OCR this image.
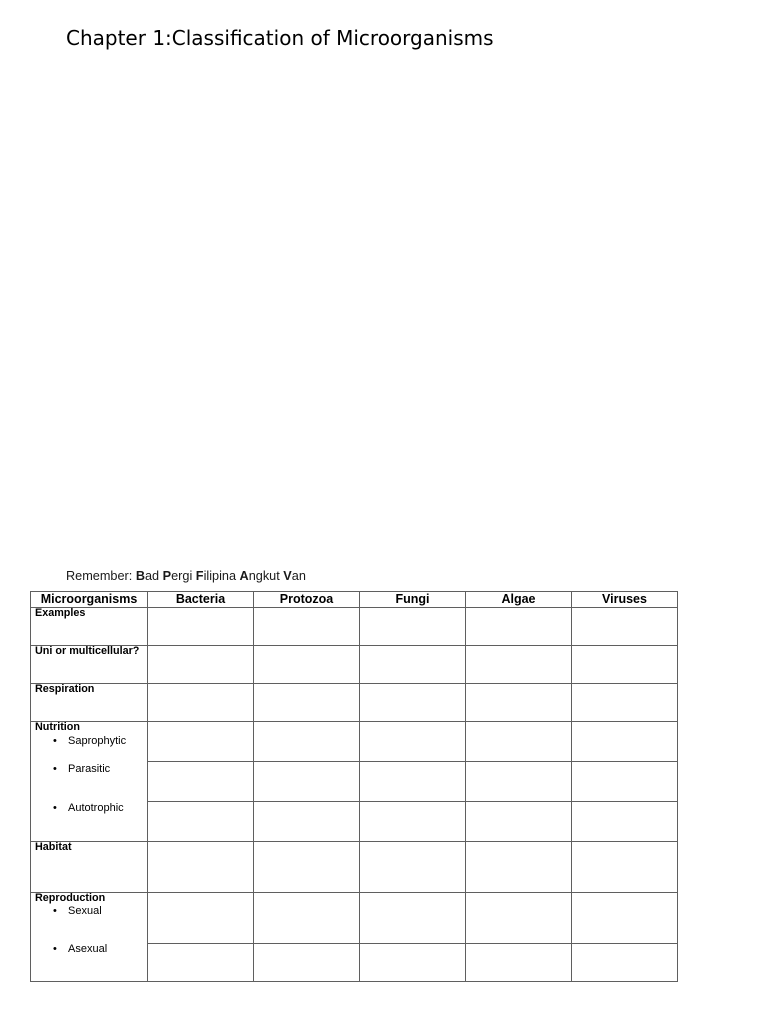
Chapter 1:Classification of Microorganisms

Remember: Bad Pergi Filipina Angkut Van

Microorganisms	Bacteria	Protozoa	Fungi	Algae	Viruses
Examples
Uni or multicellular?
Respiration
Nutrition
• Saprophytic
• Parasitic
• Autotrophic
Habitat
Reproduction
• Sexual
• Asexual
